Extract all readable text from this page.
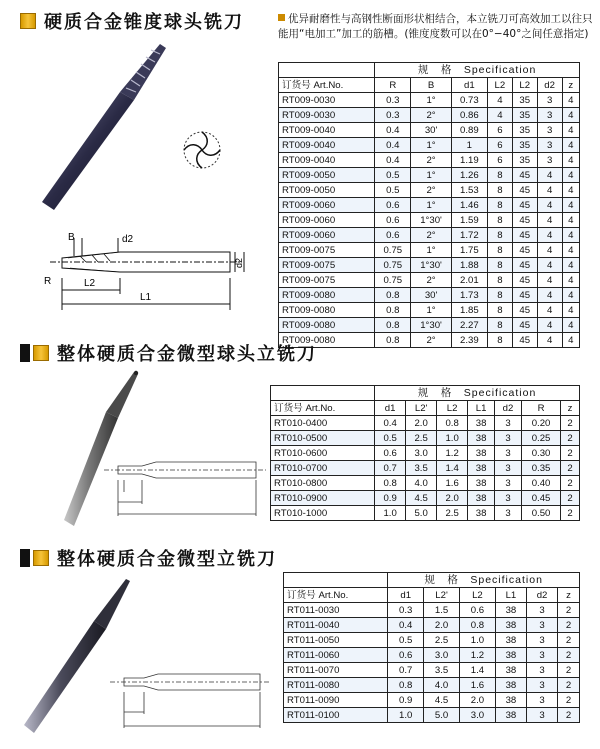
硬质合金锥度球头铣刀	优异耐磨性与高钢性断面形状相结合，本立铣刀可高效加工以往只能用“电加工”加工的筋槽。(锥度度数可以在0°−40°之间任意指定)
B	d2
d2
R	L2
L1
	规　格　Specification						
订货号 Art.No.	R	B	d1	L2	L2	d2	z
RT009-0030	0.3	1°	0.73	4	35	3	4
RT009-0030	0.3	2°	0.86	4	35	3	4
RT009-0040	0.4	30'	0.89	6	35	3	4
RT009-0040	0.4	1°	1	6	35	3	4
RT009-0040	0.4	2°	1.19	6	35	3	4
RT009-0050	0.5	1°	1.26	8	45	4	4
RT009-0050	0.5	2°	1.53	8	45	4	4
RT009-0060	0.6	1°	1.46	8	45	4	4
RT009-0060	0.6	1°30'	1.59	8	45	4	4
RT009-0060	0.6	2°	1.72	8	45	4	4
RT009-0075	0.75	1°	1.75	8	45	4	4
RT009-0075	0.75	1°30'	1.88	8	45	4	4
RT009-0075	0.75	2°	2.01	8	45	4	4
RT009-0080	0.8	30'	1.73	8	45	4	4
RT009-0080	0.8	1°	1.85	8	45	4	4
RT009-0080	0.8	1°30'	2.27	8	45	4	4
RT009-0080	0.8	2°	2.39	8	45	4	4
整体硬质合金微型球头立铣刀
	规　格　Specification						
订货号 Art.No.	d1	L2'	L2	L1	d2	R	z
RT010-0400	0.4	2.0	0.8	38	3	0.20	2
RT010-0500	0.5	2.5	1.0	38	3	0.25	2
RT010-0600	0.6	3.0	1.2	38	3	0.30	2
RT010-0700	0.7	3.5	1.4	38	3	0.35	2
RT010-0800	0.8	4.0	1.6	38	3	0.40	2
RT010-0900	0.9	4.5	2.0	38	3	0.45	2
RT010-1000	1.0	5.0	2.5	38	3	0.50	2
整体硬质合金微型立铣刀
	规　格　Specification					
订货号 Art.No.	d1	L2'	L2	L1	d2	z
RT011-0030	0.3	1.5	0.6	38	3	2
RT011-0040	0.4	2.0	0.8	38	3	2
RT011-0050	0.5	2.5	1.0	38	3	2
RT011-0060	0.6	3.0	1.2	38	3	2
RT011-0070	0.7	3.5	1.4	38	3	2
RT011-0080	0.8	4.0	1.6	38	3	2
RT011-0090	0.9	4.5	2.0	38	3	2
RT011-0100	1.0	5.0	3.0	38	3	2
